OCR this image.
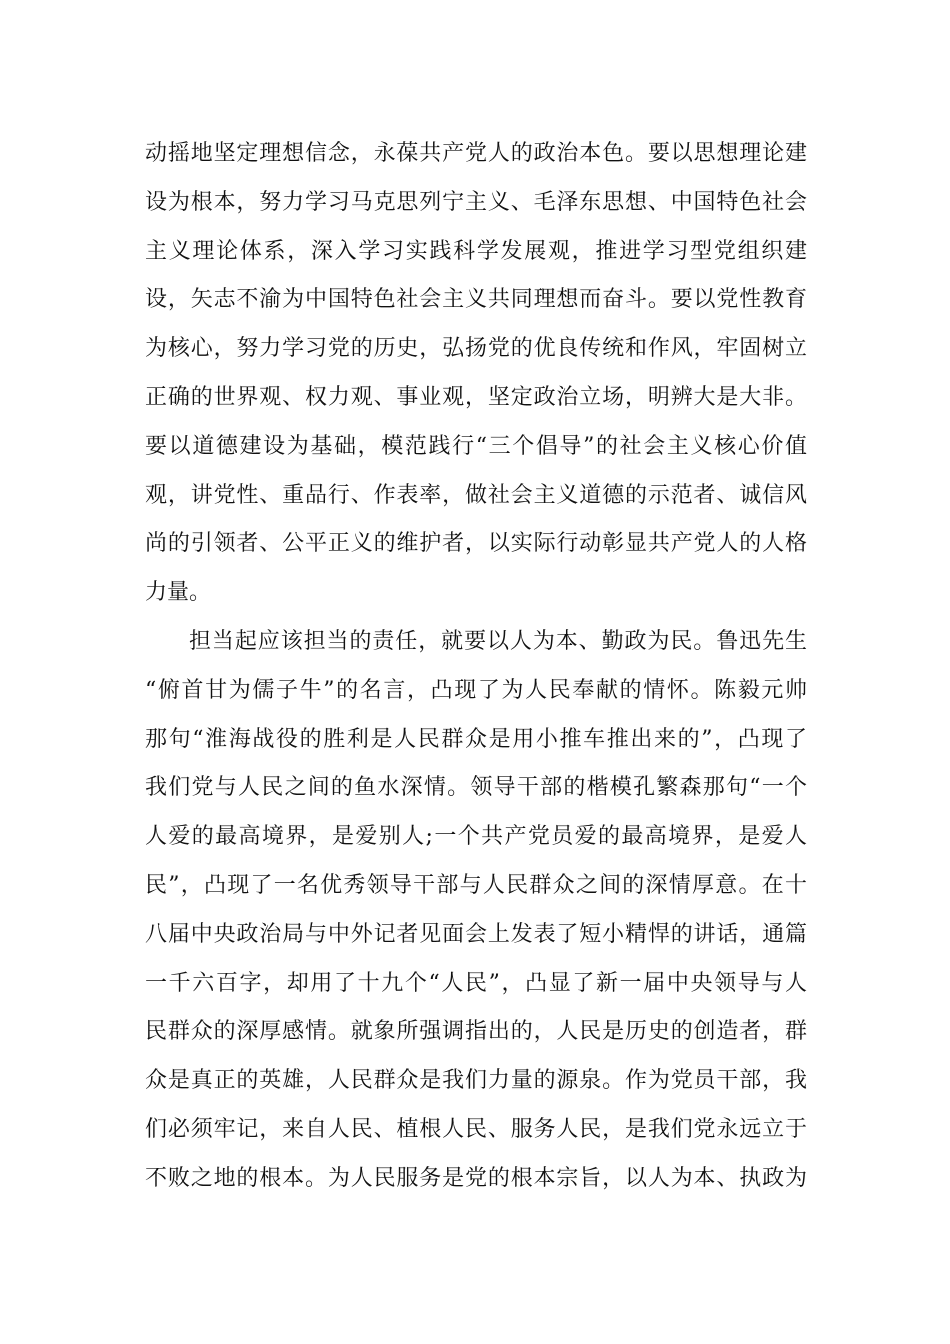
动摇地坚定理想信念，永葆共产党人的政治本色。要以思想理论建
设为根本，努力学习马克思列宁主义、毛泽东思想、中国特色社会
主义理论体系，深入学习实践科学发展观，推进学习型党组织建
设，矢志不渝为中国特色社会主义共同理想而奋斗。要以党性教育
为核心，努力学习党的历史，弘扬党的优良传统和作风，牢固树立
正确的世界观、权力观、事业观，坚定政治立场，明辨大是大非。
要以道德建设为基础，模范践行“三个倡导”的社会主义核心价值
观，讲党性、重品行、作表率，做社会主义道德的示范者、诚信风
尚的引领者、公平正义的维护者，以实际行动彰显共产党人的人格
力量。
担当起应该担当的责任，就要以人为本、勤政为民。鲁迅先生
“俯首甘为儒子牛”的名言，凸现了为人民奉献的情怀。陈毅元帅
那句“淮海战役的胜利是人民群众是用小推车推出来的”，凸现了
我们党与人民之间的鱼水深情。领导干部的楷模孔繁森那句“一个
人爱的最高境界，是爱别人;一个共产党员爱的最高境界，是爱人
民”，凸现了一名优秀领导干部与人民群众之间的深情厚意。在十
八届中央政治局与中外记者见面会上发表了短小精悍的讲话，通篇
一千六百字，却用了十九个“人民”，凸显了新一届中央领导与人
民群众的深厚感情。就象所强调指出的，人民是历史的创造者，群
众是真正的英雄，人民群众是我们力量的源泉。作为党员干部，我
们必须牢记，来自人民、植根人民、服务人民，是我们党永远立于
不败之地的根本。为人民服务是党的根本宗旨，以人为本、执政为
